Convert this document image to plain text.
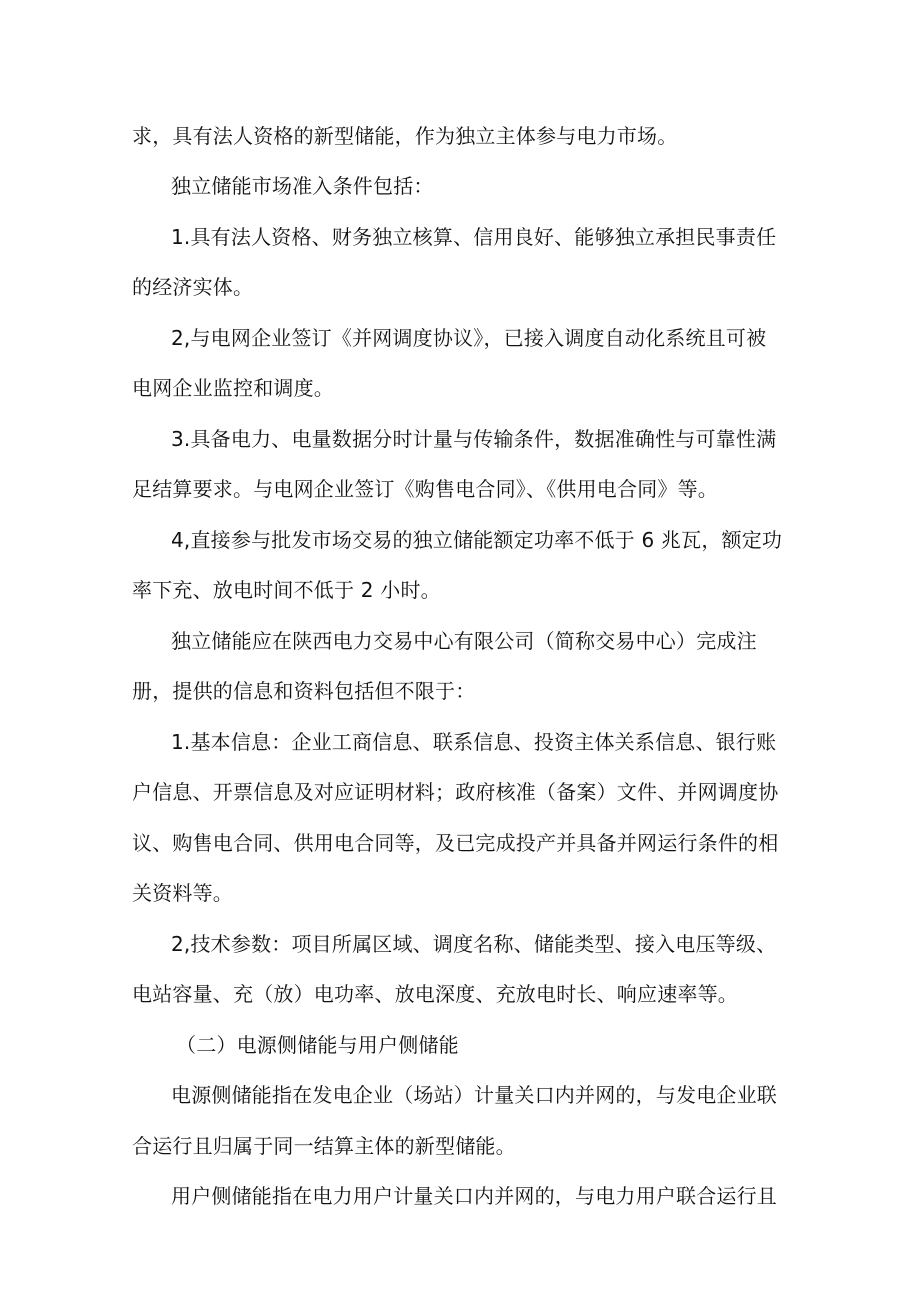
求，具有法人资格的新型储能，作为独立主体参与电力市场。

独立储能市场准入条件包括：

1.具有法人资格、财务独立核算、信用良好、能够独立承担民事责任

的经济实体。

2,与电网企业签订《并网调度协议》，已接入调度自动化系统且可被

电网企业监控和调度。

3.具备电力、电量数据分时计量与传输条件，数据准确性与可靠性满

足结算要求。与电网企业签订《购售电合同》、《供用电合同》等。

4,直接参与批发市场交易的独立储能额定功率不低于 6 兆瓦，额定功

率下充、放电时间不低于 2 小时。

独立储能应在陕西电力交易中心有限公司（简称交易中心）完成注

册，提供的信息和资料包括但不限于：

1.基本信息：企业工商信息、联系信息、投资主体关系信息、银行账

户信息、开票信息及对应证明材料；政府核准（备案）文件、并网调度协

议、购售电合同、供用电合同等，及已完成投产并具备并网运行条件的相

关资料等。

2,技术参数：项目所属区域、调度名称、储能类型、接入电压等级、

电站容量、充（放）电功率、放电深度、充放电时长、响应速率等。

（二）电源侧储能与用户侧储能

电源侧储能指在发电企业（场站）计量关口内并网的，与发电企业联

合运行且归属于同一结算主体的新型储能。

用户侧储能指在电力用户计量关口内并网的，与电力用户联合运行且
